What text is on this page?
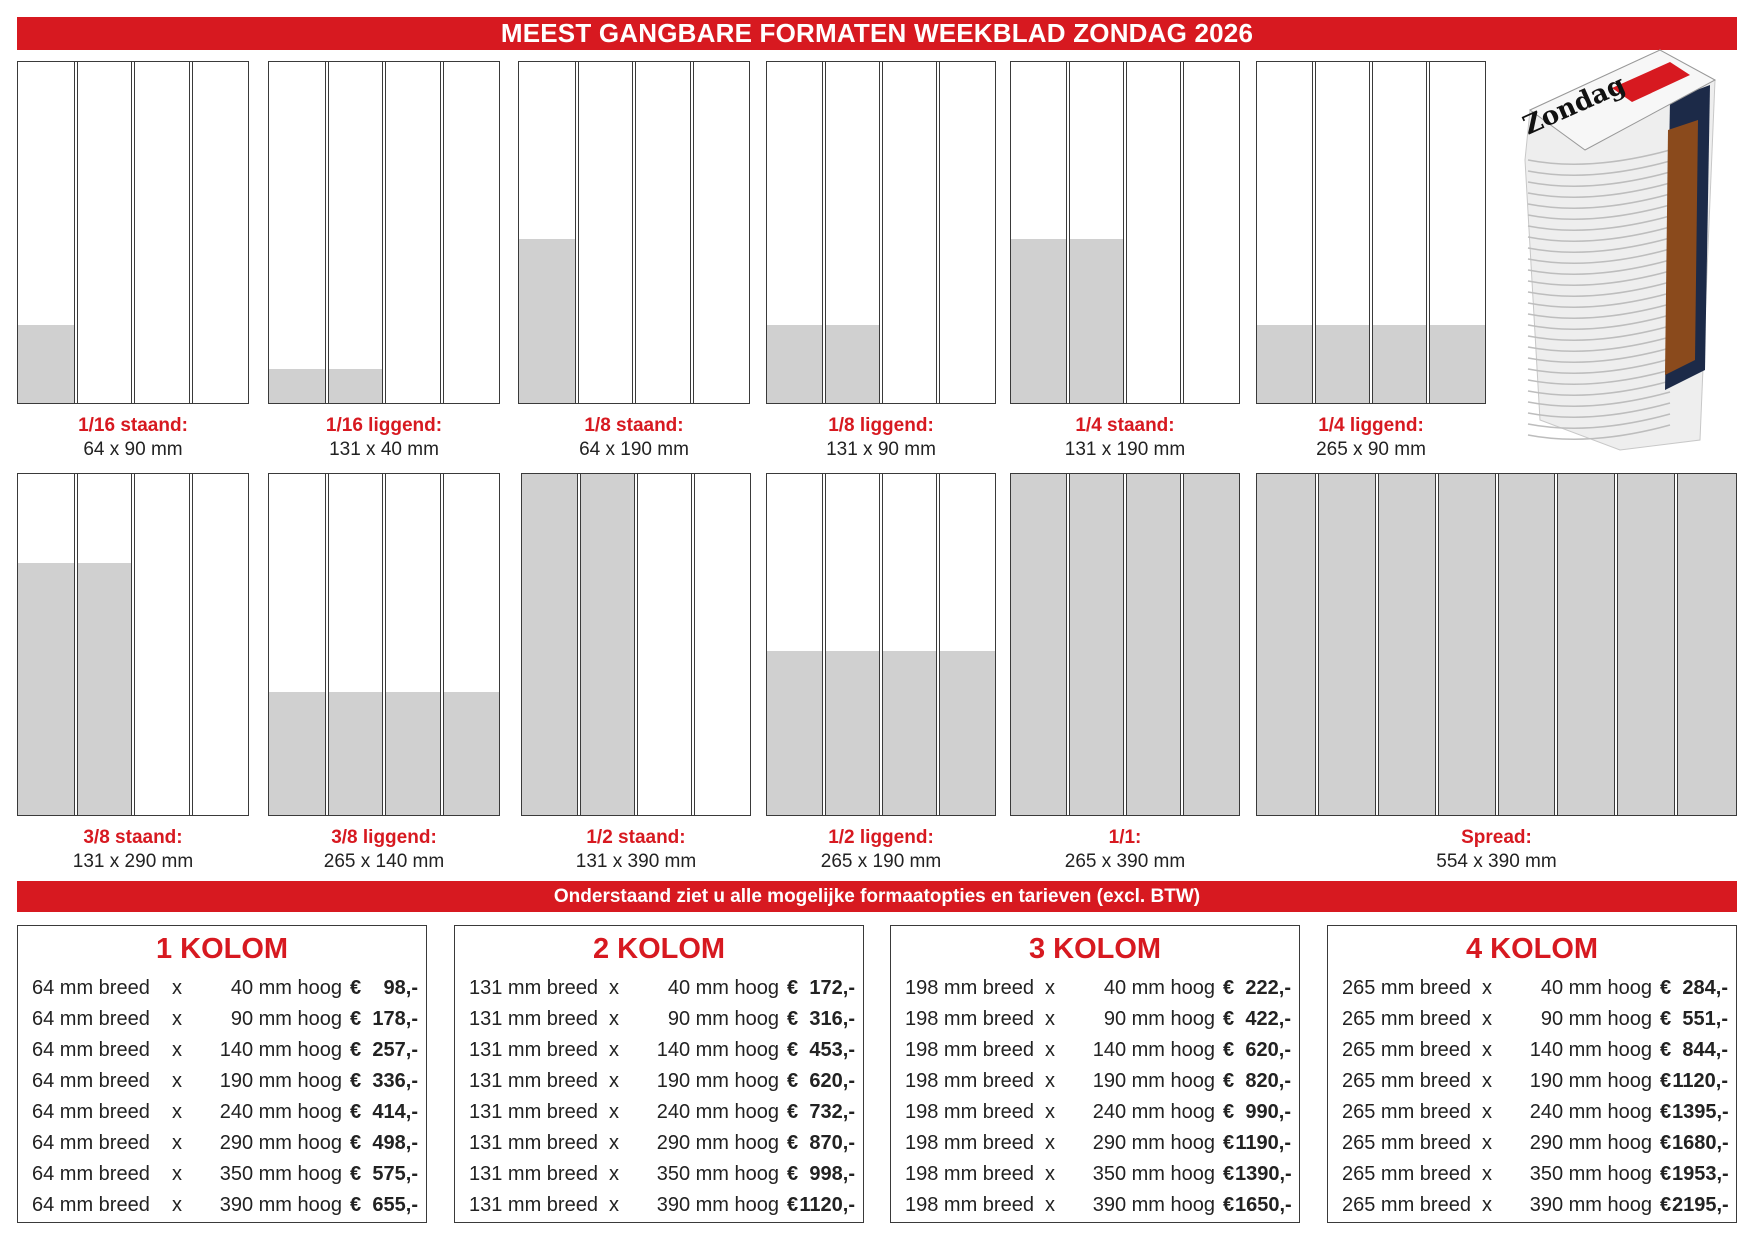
MEEST GANGBARE FORMATEN WEEKBLAD ZONDAG 2026
1/16 staand:
64 x 90 mm
1/16 liggend:
131 x 40 mm
1/8 staand:
64 x 190 mm
1/8 liggend:
131 x 90 mm
1/4 staand:
131 x 190 mm
1/4 liggend:
265 x 90 mm
3/8 staand:
131 x 290 mm
3/8 liggend:
265 x 140 mm
1/2 staand:
131 x 390 mm
1/2 liggend:
265 x 190 mm
1/1:
265 x 390 mm
Spread:
554 x 390 mm
Zondag
Onderstaand ziet u alle mogelijke formaatopties en tarieven (excl. BTW)
1 KOLOM
64 mm breed x	40 mm hoog €	98,-
64 mm breed x	90 mm hoog € 178,-
64 mm breed x	140 mm hoog € 257,-
64 mm breed x	190 mm hoog € 336,-
64 mm breed x	240 mm hoog € 414,-
64 mm breed x	290 mm hoog € 498,-
64 mm breed x	350 mm hoog € 575,-
64 mm breed x	390 mm hoog € 655,-
2 KOLOM
131 mm breed x	40 mm hoog € 172,-
131 mm breed x	90 mm hoog € 316,-
131 mm breed x	140 mm hoog € 453,-
131 mm breed x	190 mm hoog € 620,-
131 mm breed x	240 mm hoog € 732,-
131 mm breed x	290 mm hoog € 870,-
131 mm breed x	350 mm hoog € 998,-
131 mm breed x	390 mm hoog € 1120,-
3 KOLOM
198 mm breed x	40 mm hoog € 222,-
198 mm breed x	90 mm hoog € 422,-
198 mm breed x	140 mm hoog € 620,-
198 mm breed x	190 mm hoog € 820,-
198 mm breed x	240 mm hoog € 990,-
198 mm breed x	290 mm hoog € 1190,-
198 mm breed x	350 mm hoog € 1390,-
198 mm breed x	390 mm hoog € 1650,-
4 KOLOM
265 mm breed x	40 mm hoog € 284,-
265 mm breed x	90 mm hoog € 551,-
265 mm breed x	140 mm hoog € 844,-
265 mm breed x	190 mm hoog € 1120,-
265 mm breed x	240 mm hoog € 1395,-
265 mm breed x	290 mm hoog € 1680,-
265 mm breed x	350 mm hoog € 1953,-
265 mm breed x	390 mm hoog € 2195,-
